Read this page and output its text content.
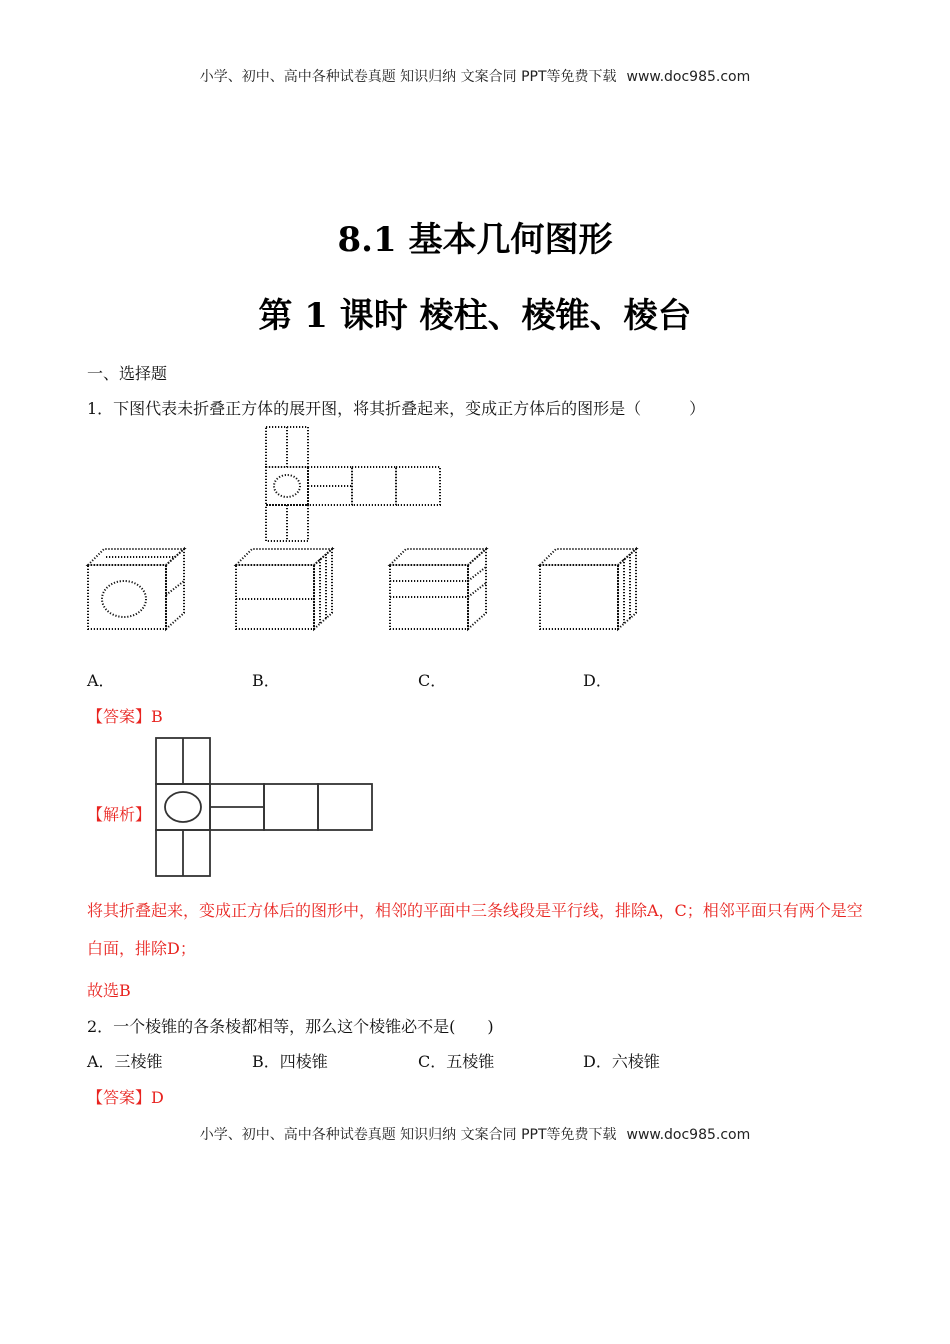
小学、初中、高中各种试卷真题 知识归纳 文案合同 PPT等免费下载 www.doc985.com
8.1 基本几何图形
第 1 课时 棱柱、棱锥、棱台
一、选择题
1．下图代表未折叠正方体的展开图，将其折叠起来，变成正方体后的图形是（　　　）
A．	B．	C．	D．
【答案】B
【解析】
将其折叠起来，变成正方体后的图形中，相邻的平面中三条线段是平行线，排除A，C；相邻平面只有两个是空白面，排除D；
故选B
2．一个棱锥的各条棱都相等，那么这个棱锥必不是(　　)
A．三棱锥	B．四棱锥	C．五棱锥	D．六棱锥
【答案】D
小学、初中、高中各种试卷真题 知识归纳 文案合同 PPT等免费下载 www.doc985.com
